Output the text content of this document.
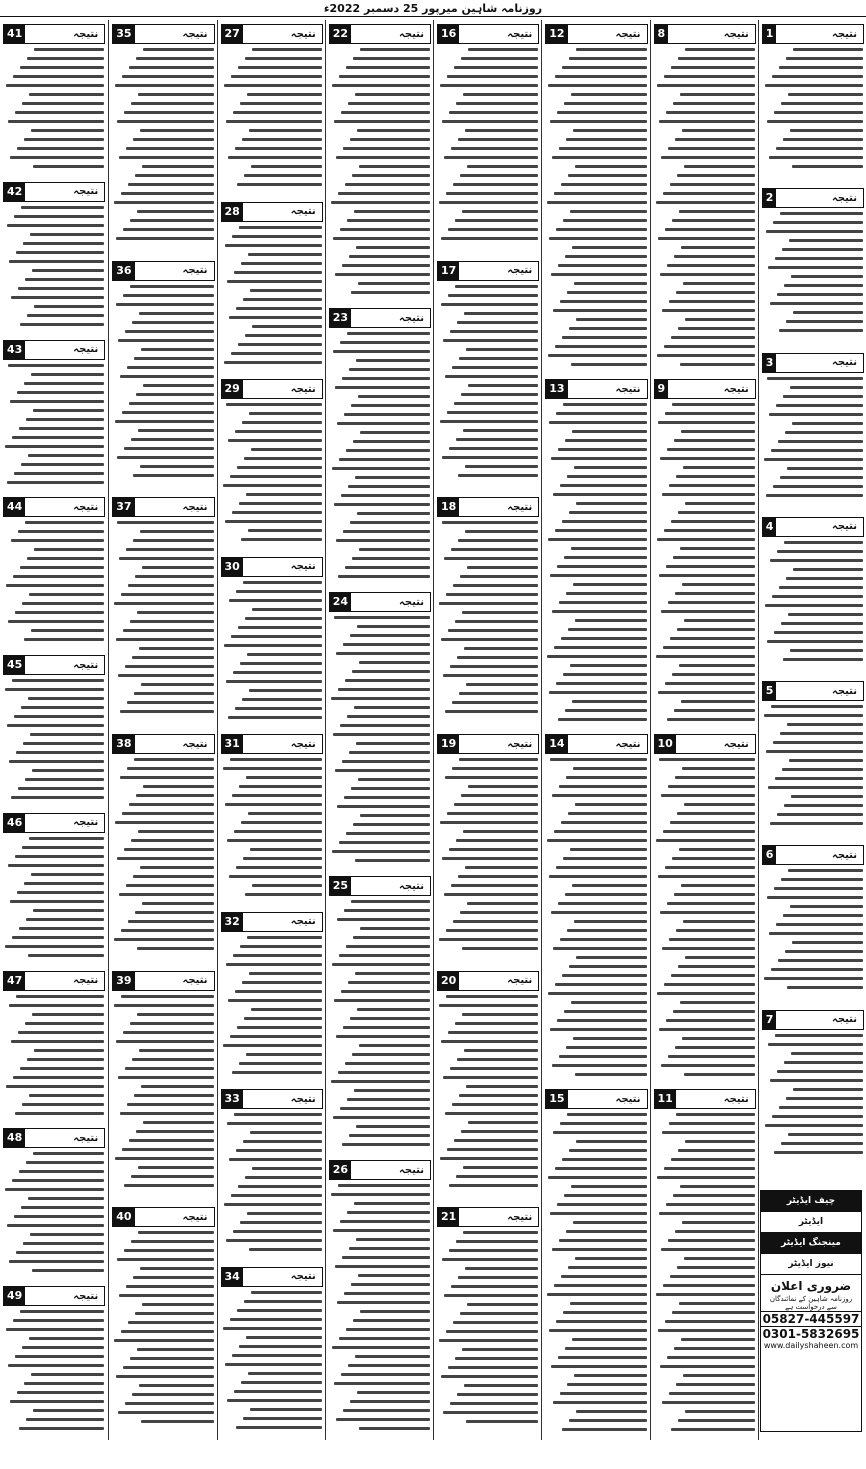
روزنامہ شاہین میرپور 25 دسمبر 2022ء
1	نتیجہ
2	نتیجہ
3	نتیجہ
4	نتیجہ
5	نتیجہ
6	نتیجہ
7	نتیجہ
8	نتیجہ
9	نتیجہ
10	نتیجہ
11	نتیجہ
12	نتیجہ
13	نتیجہ
14	نتیجہ
15	نتیجہ
16	نتیجہ
17	نتیجہ
18	نتیجہ
19	نتیجہ
20	نتیجہ
21	نتیجہ
22	نتیجہ
23	نتیجہ
24	نتیجہ
25	نتیجہ
26	نتیجہ
27	نتیجہ
28	نتیجہ
29	نتیجہ
30	نتیجہ
31	نتیجہ
32	نتیجہ
33	نتیجہ
34	نتیجہ
35	نتیجہ
36	نتیجہ
37	نتیجہ
38	نتیجہ
39	نتیجہ
40	نتیجہ
41	نتیجہ
42	نتیجہ
43	نتیجہ
44	نتیجہ
45	نتیجہ
46	نتیجہ
47	نتیجہ
48	نتیجہ
49	نتیجہ
چیف ایڈیٹر
ایڈیٹر
مینجنگ ایڈیٹر
نیوز ایڈیٹر
ضروری اعلان
روزنامہ شاہین کے نمائندگان سے درخواست ہے
05827-445597
0301-5832695
www.dailyshaheen.com
